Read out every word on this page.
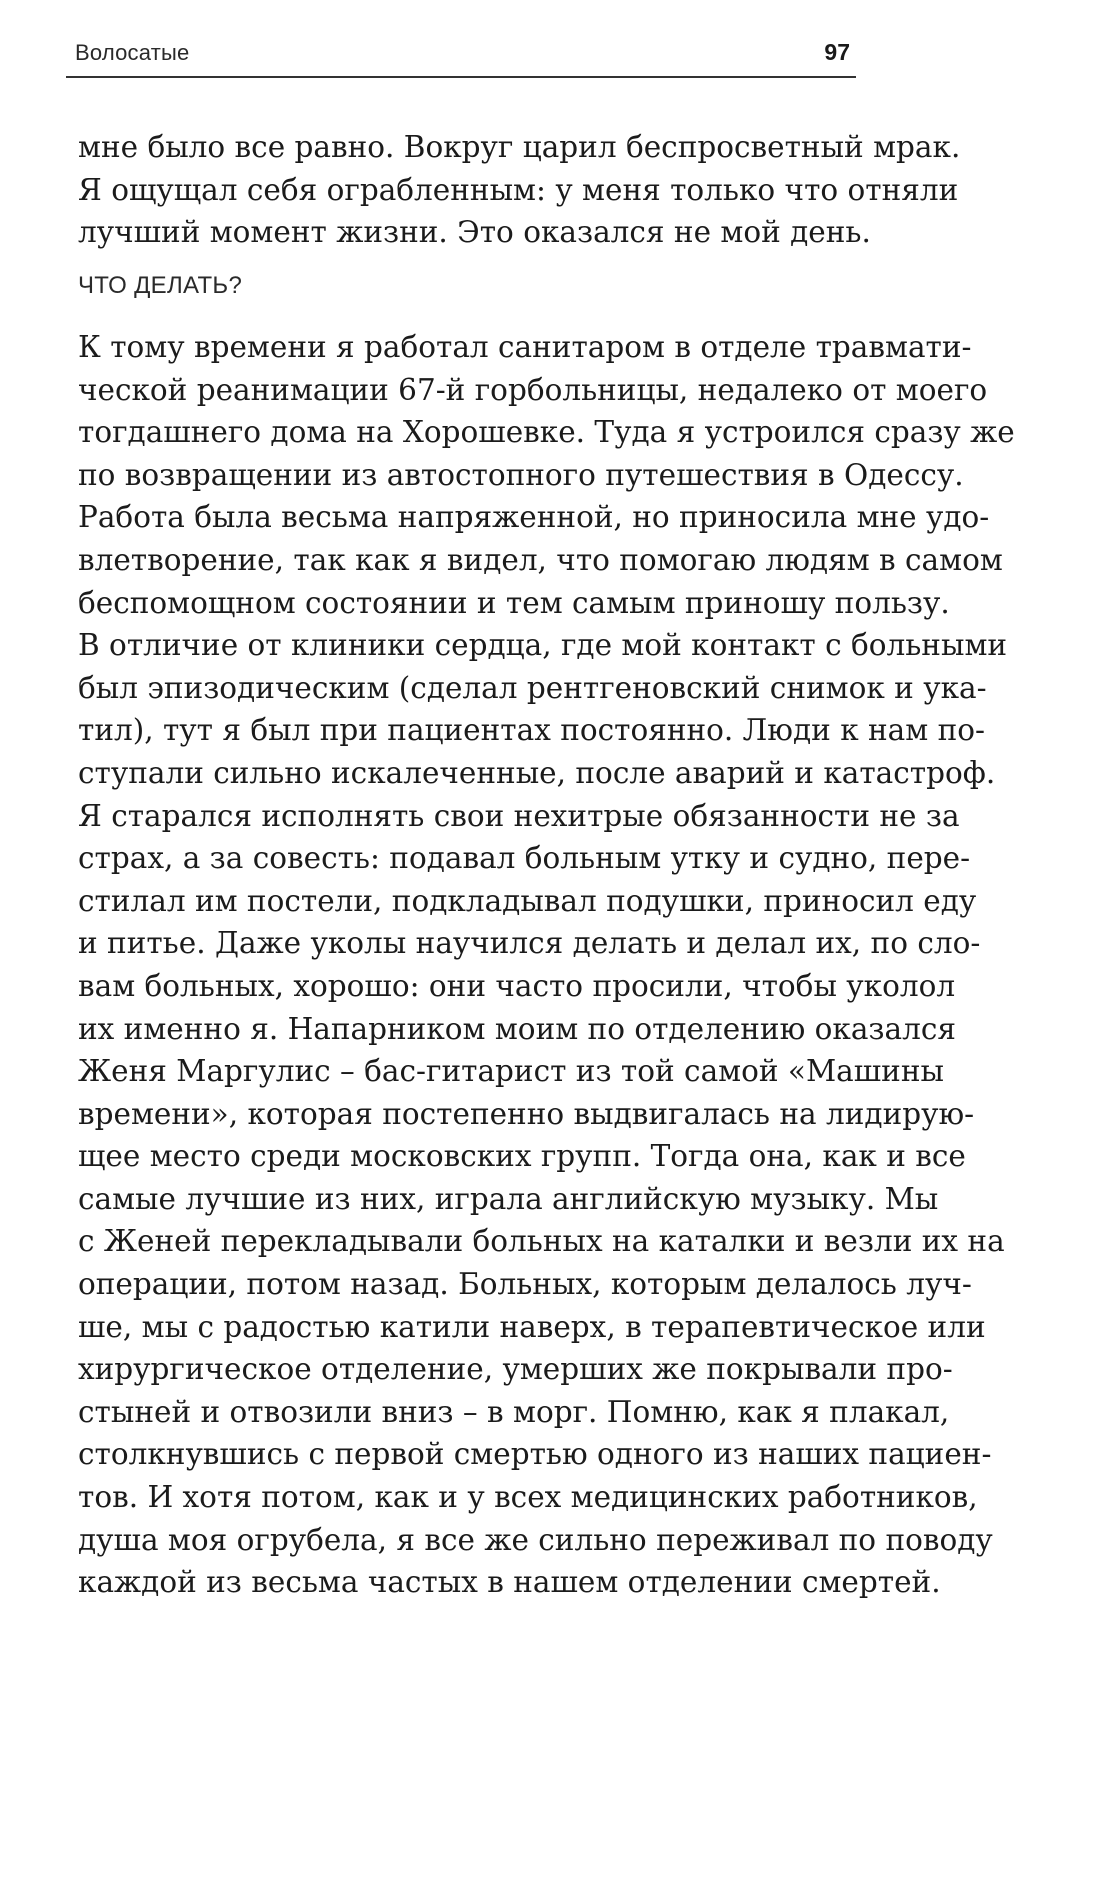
Волосатые	97
мне было все равно. Вокруг царил беспросветный мрак.
Я ощущал себя ограбленным: у меня только что отняли
лучший момент жизни. Это оказался не мой день.
ЧТО ДЕЛАТЬ?
К тому времени я работал санитаром в отделе травмати-
ческой реанимации 67-й горбольницы, недалеко от моего
тогдашнего дома на Хорошевке. Туда я устроился сразу же
по возвращении из автостопного путешествия в Одессу.
Работа была весьма напряженной, но приносила мне удо-
влетворение, так как я видел, что помогаю людям в самом
беспомощном состоянии и тем самым приношу пользу.
В отличие от клиники сердца, где мой контакт с больными
был эпизодическим (сделал рентгеновский снимок и ука-
тил), тут я был при пациентах постоянно. Люди к нам по-
ступали сильно искалеченные, после аварий и катастроф.
Я старался исполнять свои нехитрые обязанности не за
страх, а за совесть: подавал больным утку и судно, пере-
стилал им постели, подкладывал подушки, приносил еду
и питье. Даже уколы научился делать и делал их, по сло-
вам больных, хорошо: они часто просили, чтобы уколол
их именно я. Напарником моим по отделению оказался
Женя Маргулис – бас-гитарист из той самой «Машины
времени», которая постепенно выдвигалась на лидирую-
щее место среди московских групп. Тогда она, как и все
самые лучшие из них, играла английскую музыку. Мы
с Женей перекладывали больных на каталки и везли их на
операции, потом назад. Больных, которым делалось луч-
ше, мы с радостью катили наверх, в терапевтическое или
хирургическое отделение, умерших же покрывали про-
стыней и отвозили вниз – в морг. Помню, как я плакал,
столкнувшись с первой смертью одного из наших пациен-
тов. И хотя потом, как и у всех медицинских работников,
душа моя огрубела, я все же сильно переживал по поводу
каждой из весьма частых в нашем отделении смертей.
